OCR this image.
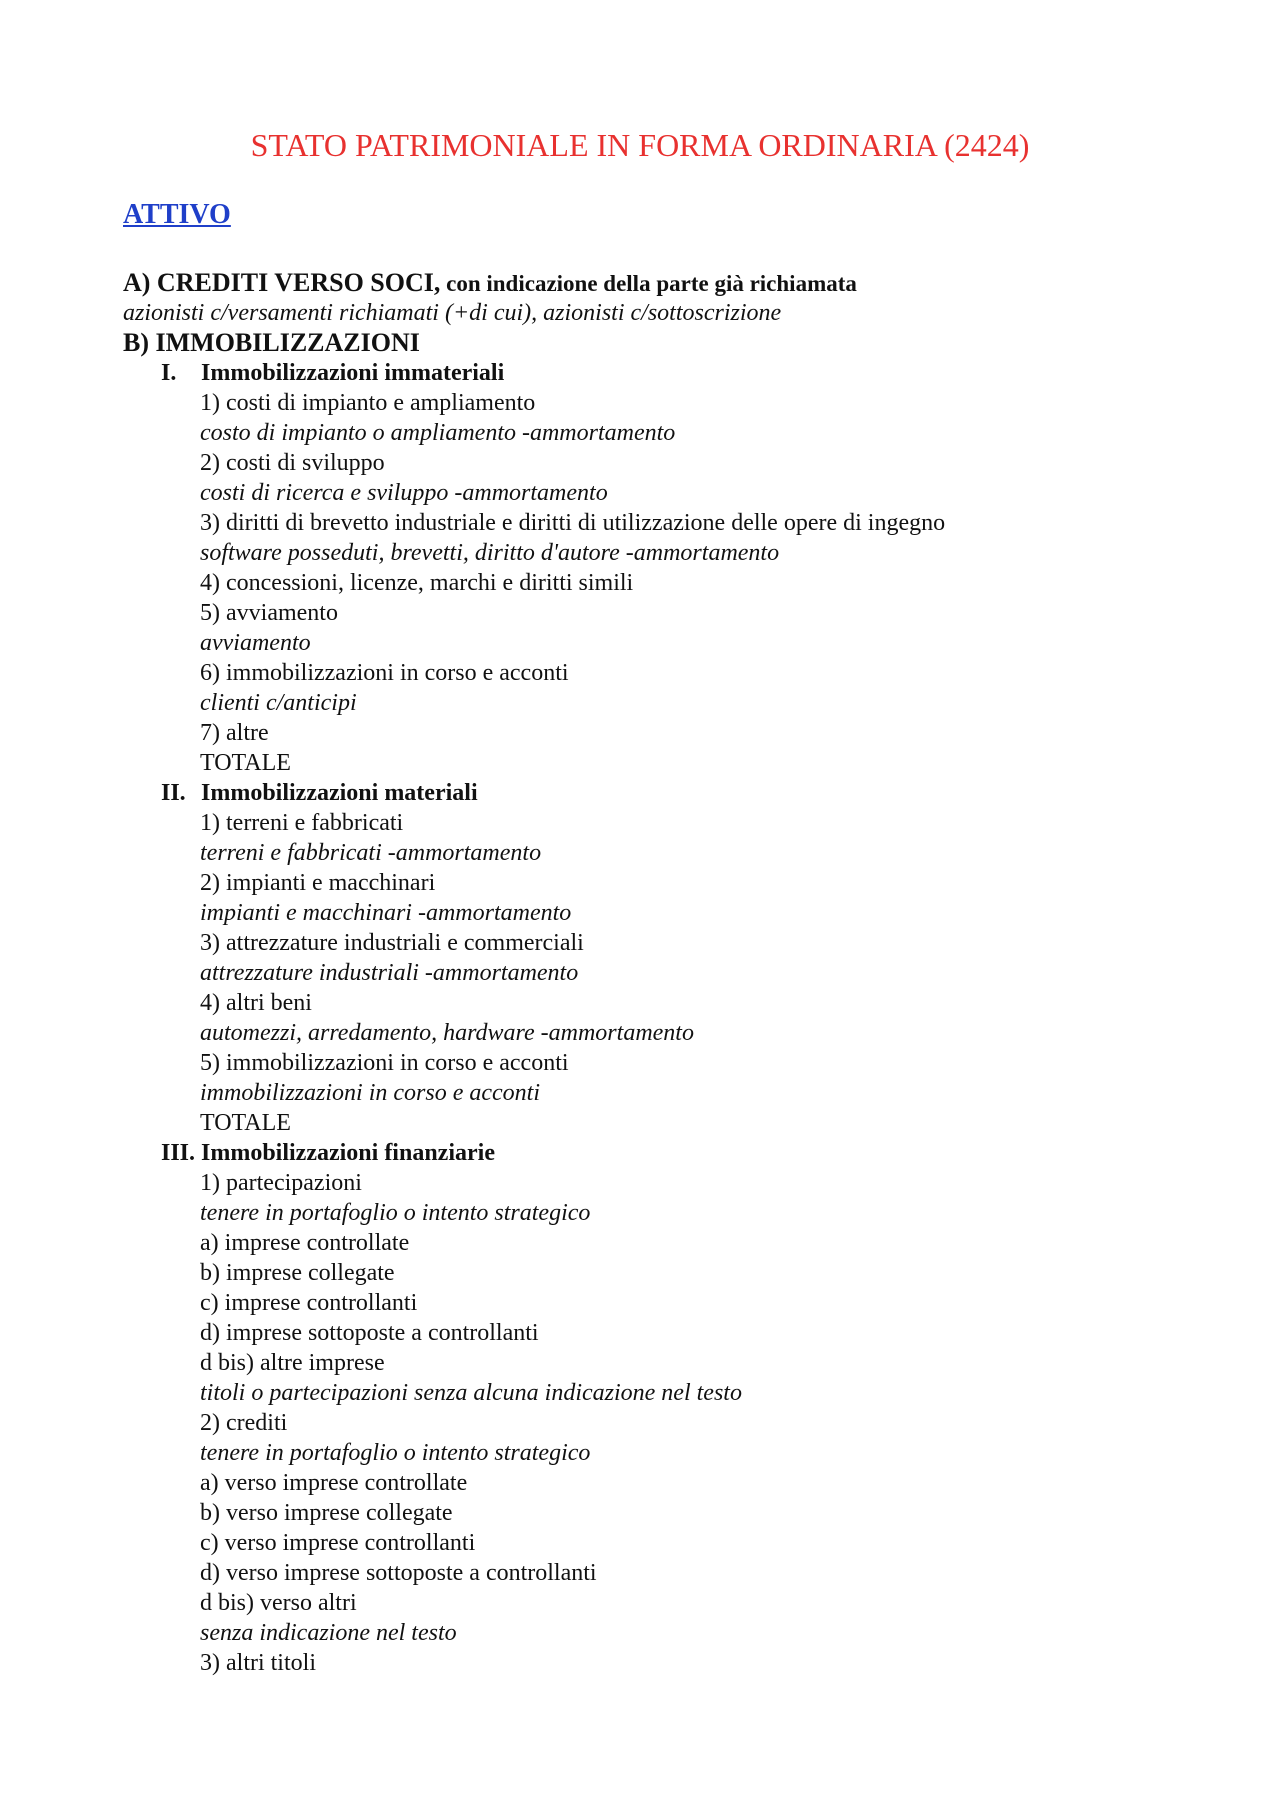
STATO PATRIMONIALE IN FORMA ORDINARIA (2424)
ATTIVO
A) CREDITI VERSO SOCI, con indicazione della parte già richiamata
azionisti c/versamenti richiamati (+di cui), azionisti c/sottoscrizione
B) IMMOBILIZZAZIONI
I. Immobilizzazioni immateriali
1) costi di impianto e ampliamento
costo di impianto o ampliamento -ammortamento
2) costi di sviluppo
costi di ricerca e sviluppo -ammortamento
3) diritti di brevetto industriale e diritti di utilizzazione delle opere di ingegno
software posseduti, brevetti, diritto d'autore -ammortamento
4) concessioni, licenze, marchi e diritti simili
5) avviamento
avviamento
6) immobilizzazioni in corso e acconti
clienti c/anticipi
7) altre
TOTALE
II. Immobilizzazioni materiali
1) terreni e fabbricati
terreni e fabbricati -ammortamento
2) impianti e macchinari
impianti e macchinari -ammortamento
3) attrezzature industriali e commerciali
attrezzature industriali -ammortamento
4) altri beni
automezzi, arredamento, hardware -ammortamento
5) immobilizzazioni in corso e acconti
immobilizzazioni in corso e acconti
TOTALE
III. Immobilizzazioni finanziarie
1) partecipazioni
tenere in portafoglio o intento strategico
a) imprese controllate
b) imprese collegate
c) imprese controllanti
d) imprese sottoposte a controllanti
d bis) altre imprese
titoli o partecipazioni senza alcuna indicazione nel testo
2) crediti
tenere in portafoglio o intento strategico
a) verso imprese controllate
b) verso imprese collegate
c) verso imprese controllanti
d) verso imprese sottoposte a controllanti
d bis) verso altri
senza indicazione nel testo
3) altri titoli
